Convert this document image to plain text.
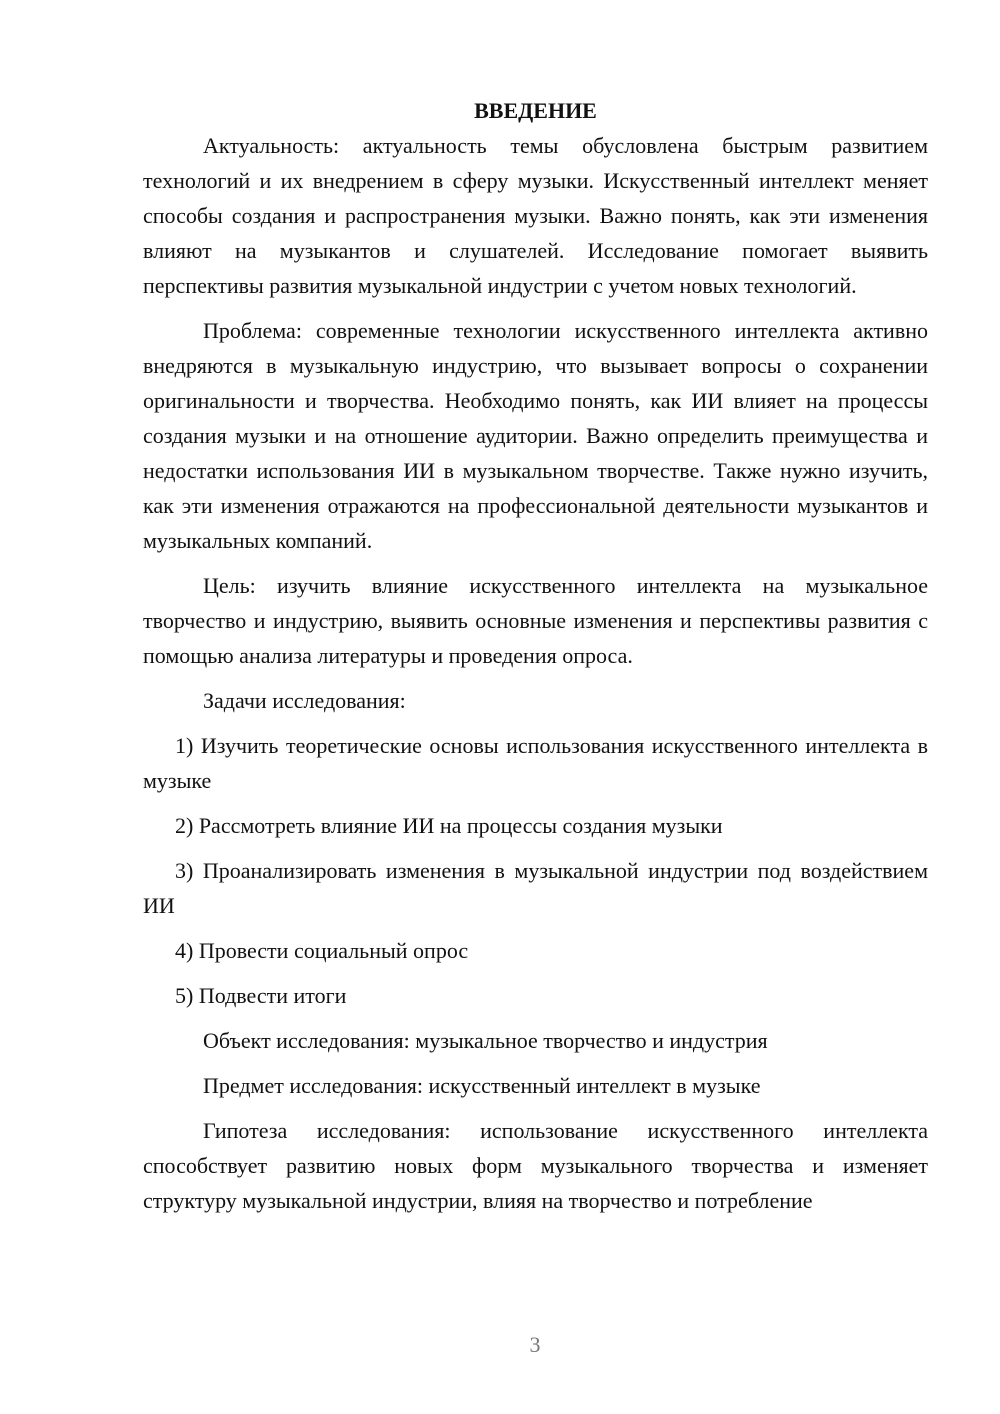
ВВЕДЕНИЕ

Актуальность: актуальность темы обусловлена быстрым развитием технологий и их внедрением в сферу музыки. Искусственный интеллект меняет способы создания и распространения музыки. Важно понять, как эти изменения влияют на музыкантов и слушателей. Исследование помогает выявить перспективы развития музыкальной индустрии с учетом новых технологий.

Проблема: современные технологии искусственного интеллекта активно внедряются в музыкальную индустрию, что вызывает вопросы о сохранении оригинальности и творчества. Необходимо понять, как ИИ влияет на процессы создания музыки и на отношение аудитории. Важно определить преимущества и недостатки использования ИИ в музыкальном творчестве. Также нужно изучить, как эти изменения отражаются на профессиональной деятельности музыкантов и музыкальных компаний.

Цель: изучить влияние искусственного интеллекта на музыкальное творчество и индустрию, выявить основные изменения и перспективы развития с помощью анализа литературы и проведения опроса.

Задачи исследования:

1) Изучить теоретические основы использования искусственного интеллекта в музыке

2) Рассмотреть влияние ИИ на процессы создания музыки

3) Проанализировать изменения в музыкальной индустрии под воздействием ИИ

4) Провести социальный опрос

5) Подвести итоги

Объект исследования: музыкальное творчество и индустрия

Предмет исследования: искусственный интеллект в музыке

Гипотеза исследования: использование искусственного интеллекта способствует развитию новых форм музыкального творчества и изменяет структуру музыкальной индустрии, влияя на творчество и потребление

3
